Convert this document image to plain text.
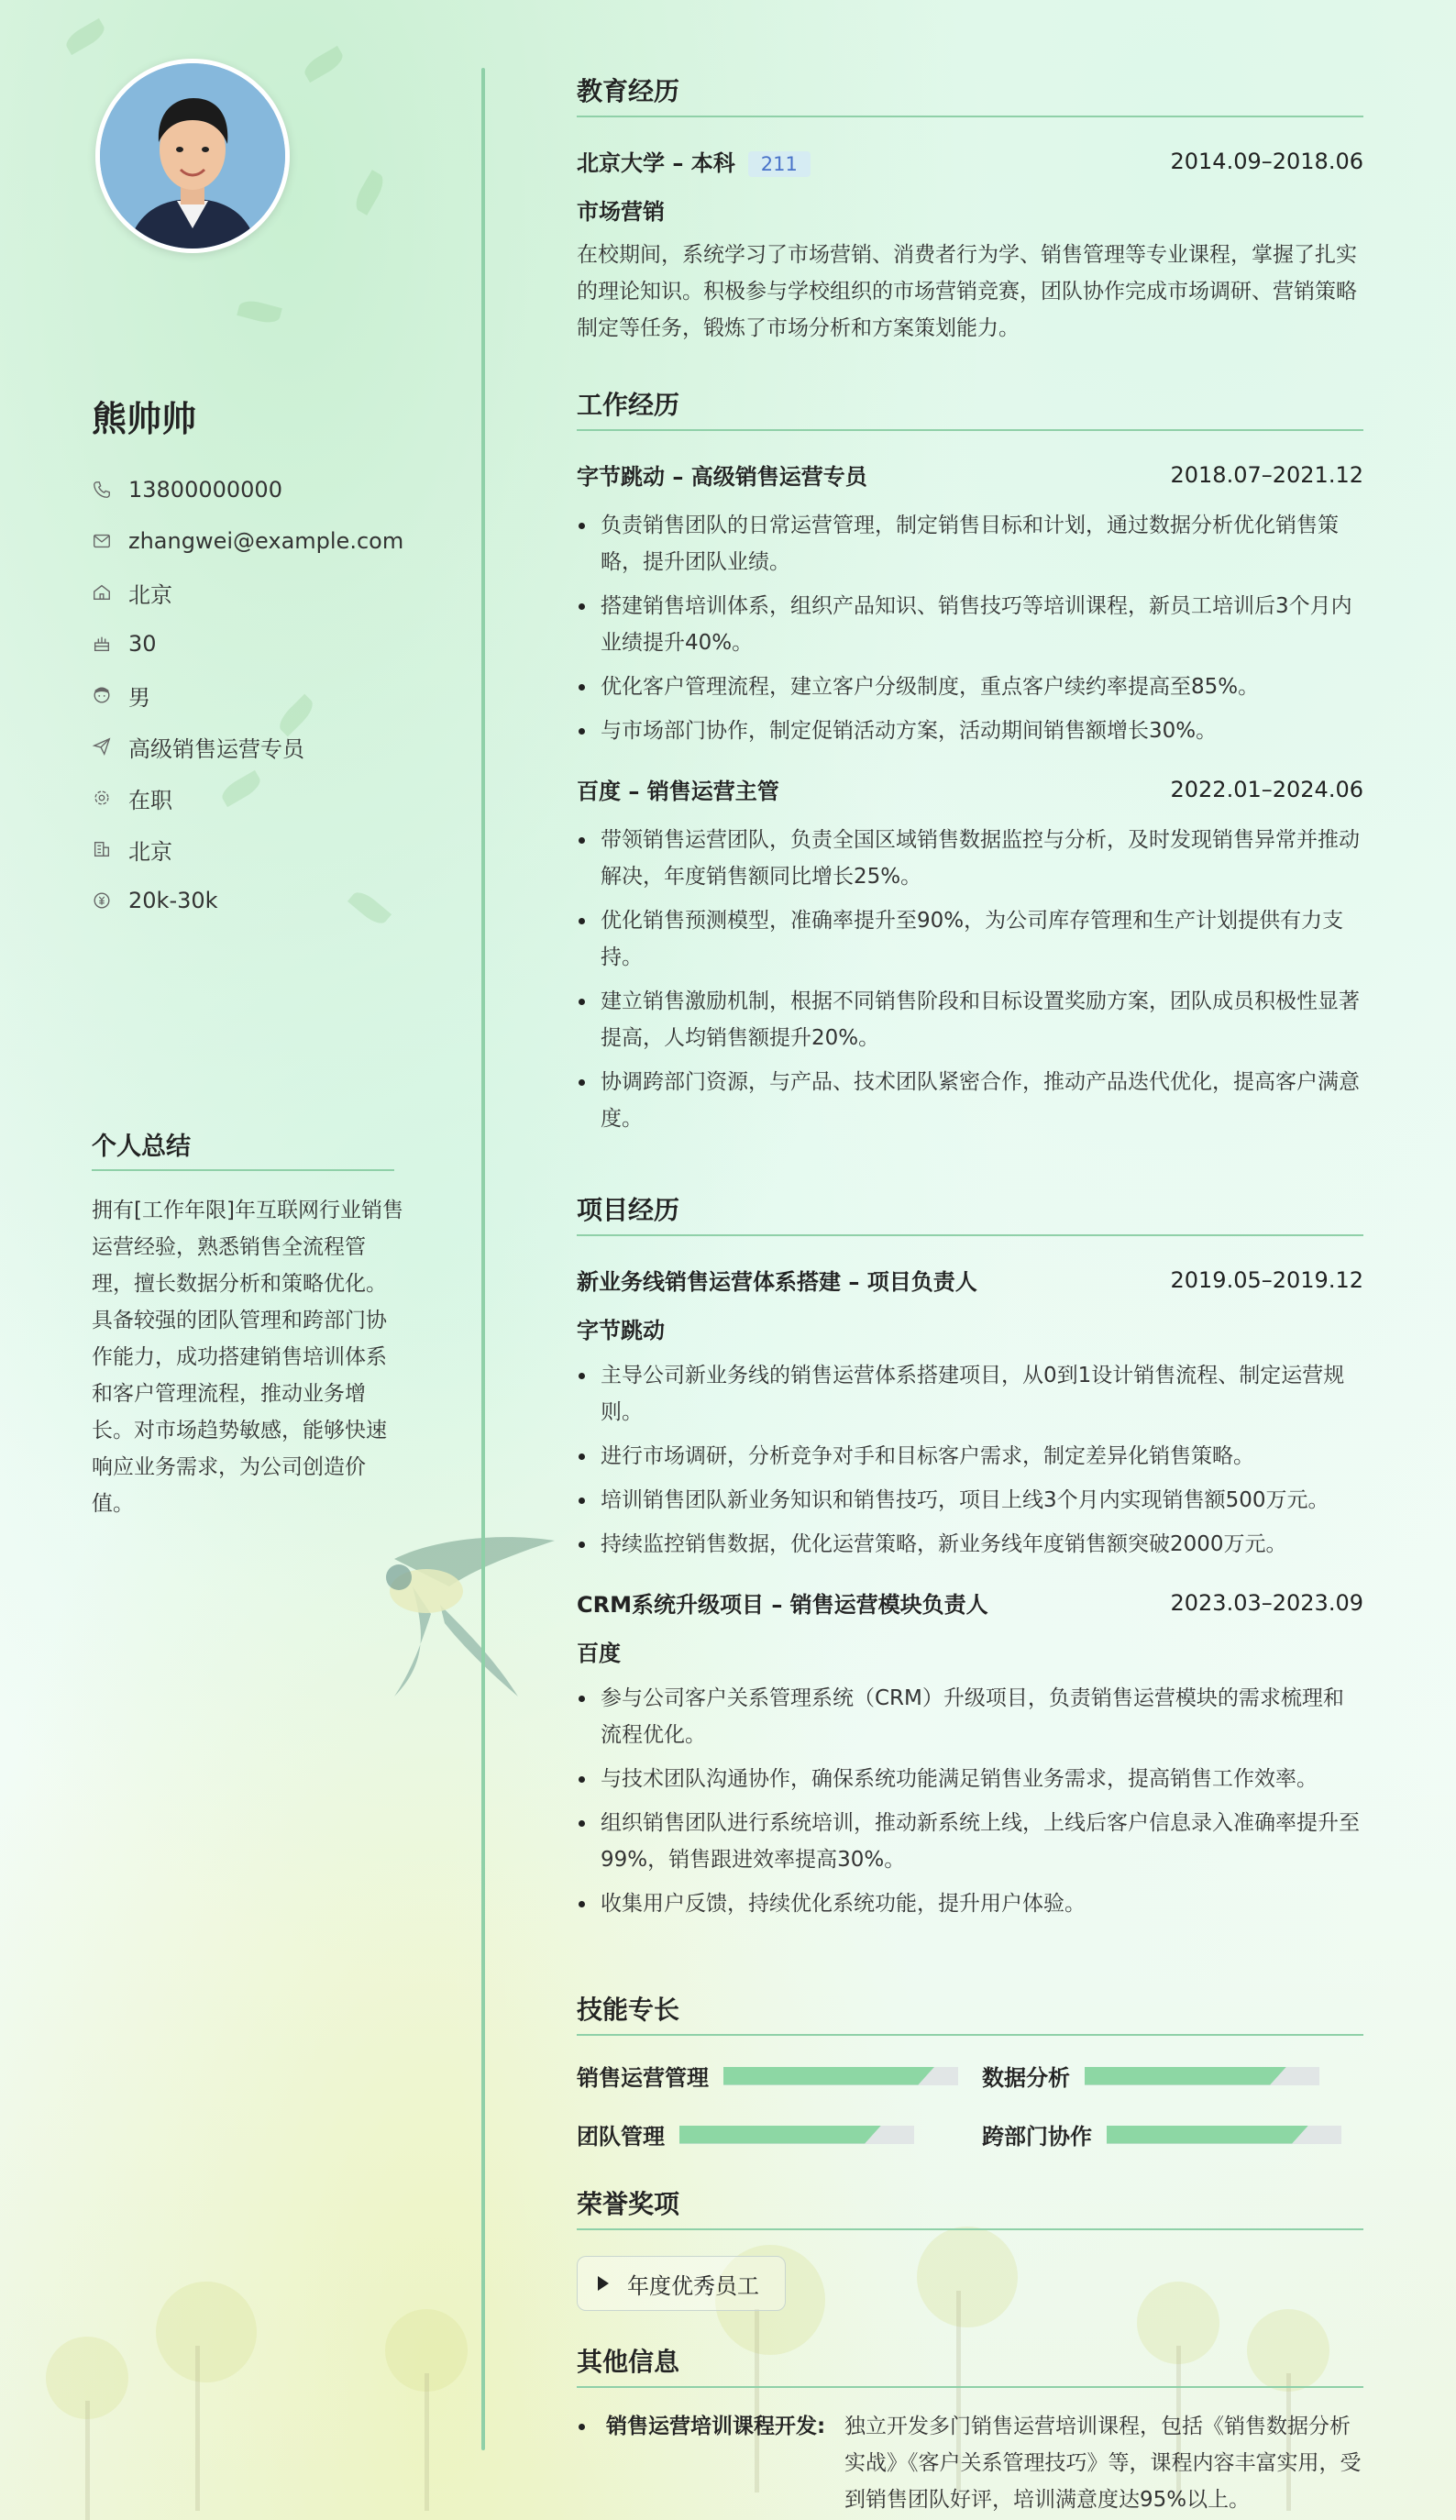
熊帅帅
13800000000
zhangwei@example.com
北京
30
男
高级销售运营专员
在职
北京
20k-30k
个人总结

拥有[工作年限]年互联网行业销售运营经验，熟悉销售全流程管理，擅长数据分析和策略优化。具备较强的团队管理和跨部门协作能力，成功搭建销售培训体系和客户管理流程，推动业务增长。对市场趋势敏感，能够快速响应业务需求，为公司创造价值。

教育经历
北京大学 – 本科 211	2014.09–2018.06
市场营销

在校期间，系统学习了市场营销、消费者行为学、销售管理等专业课程，掌握了扎实的理论知识。积极参与学校组织的市场营销竞赛，团队协作完成市场调研、营销策略制定等任务，锻炼了市场分析和方案策划能力。

工作经历
字节跳动 – 高级销售运营专员	2018.07–2021.12
负责销售团队的日常运营管理，制定销售目标和计划，通过数据分析优化销售策略，提升团队业绩。
搭建销售培训体系，组织产品知识、销售技巧等培训课程，新员工培训后3个月内业绩提升40%。
优化客户管理流程，建立客户分级制度，重点客户续约率提高至85%。
与市场部门协作，制定促销活动方案，活动期间销售额增长30%。
百度 – 销售运营主管	2022.01–2024.06
带领销售运营团队，负责全国区域销售数据监控与分析，及时发现销售异常并推动解决，年度销售额同比增长25%。
优化销售预测模型，准确率提升至90%，为公司库存管理和生产计划提供有力支持。
建立销售激励机制，根据不同销售阶段和目标设置奖励方案，团队成员积极性显著提高，人均销售额提升20%。
协调跨部门资源，与产品、技术团队紧密合作，推动产品迭代优化，提高客户满意度。
项目经历
新业务线销售运营体系搭建 – 项目负责人	2019.05–2019.12
字节跳动
主导公司新业务线的销售运营体系搭建项目，从0到1设计销售流程、制定运营规则。
进行市场调研，分析竞争对手和目标客户需求，制定差异化销售策略。
培训销售团队新业务知识和销售技巧，项目上线3个月内实现销售额500万元。
持续监控销售数据，优化运营策略，新业务线年度销售额突破2000万元。
CRM系统升级项目 – 销售运营模块负责人	2023.03–2023.09
百度
参与公司客户关系管理系统（CRM）升级项目，负责销售运营模块的需求梳理和流程优化。
与技术团队沟通协作，确保系统功能满足销售业务需求，提高销售工作效率。
组织销售团队进行系统培训，推动新系统上线，上线后客户信息录入准确率提升至99%，销售跟进效率提高30%。
收集用户反馈，持续优化系统功能，提升用户体验。
技能专长
销售运营管理	数据分析
团队管理	跨部门协作
荣誉奖项
年度优秀员工
其他信息
销售运营培训课程开发: 独立开发多门销售运营培训课程，包括《销售数据分析实战》《客户关系管理技巧》等，课程内容丰富实用，受到销售团队好评，培训满意度达95%以上。
